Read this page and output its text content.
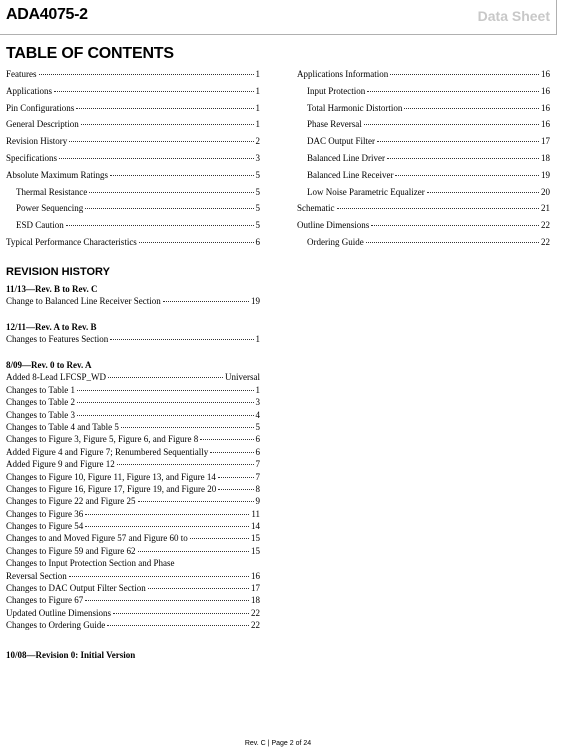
ADA4075-2	Data Sheet
TABLE OF CONTENTS
Features	1
Applications	1
Pin Configurations	1
General Description	1
Revision History	2
Specifications	3
Absolute Maximum Ratings	5
Thermal Resistance	5
Power Sequencing	5
ESD Caution	5
Typical Performance Characteristics	6
Applications Information	16
Input Protection	16
Total Harmonic Distortion	16
Phase Reversal	16
DAC Output Filter	17
Balanced Line Driver	18
Balanced Line Receiver	19
Low Noise Parametric Equalizer	20
Schematic	21
Outline Dimensions	22
Ordering Guide	22
REVISION HISTORY
11/13—Rev. B to Rev. C
Change to Balanced Line Receiver Section	19
12/11—Rev. A to Rev. B
Changes to Features Section	1
8/09—Rev. 0 to Rev. A
Added 8-Lead LFCSP_WD	Universal
Changes to Table 1	1
Changes to Table 2	3
Changes to Table 3	4
Changes to Table 4 and Table 5	5
Changes to Figure 3, Figure 5, Figure 6, and Figure 8	6
Added Figure 4 and Figure 7; Renumbered Sequentially	6
Added Figure 9 and Figure 12	7
Changes to Figure 10, Figure 11, Figure 13, and Figure 14	7
Changes to Figure 16, Figure 17, Figure 19, and Figure 20	8
Changes to Figure 22 and Figure 25	9
Changes to Figure 36	11
Changes to Figure 54	14
Changes to and Moved Figure 57 and Figure 60 to	15
Changes to Figure 59 and Figure 62	15
Changes to Input Protection Section and Phase
Reversal Section	16
Changes to DAC Output Filter Section	17
Changes to Figure 67	18
Updated Outline Dimensions	22
Changes to Ordering Guide	22
10/08—Revision 0: Initial Version
Rev. C | Page 2 of 24
